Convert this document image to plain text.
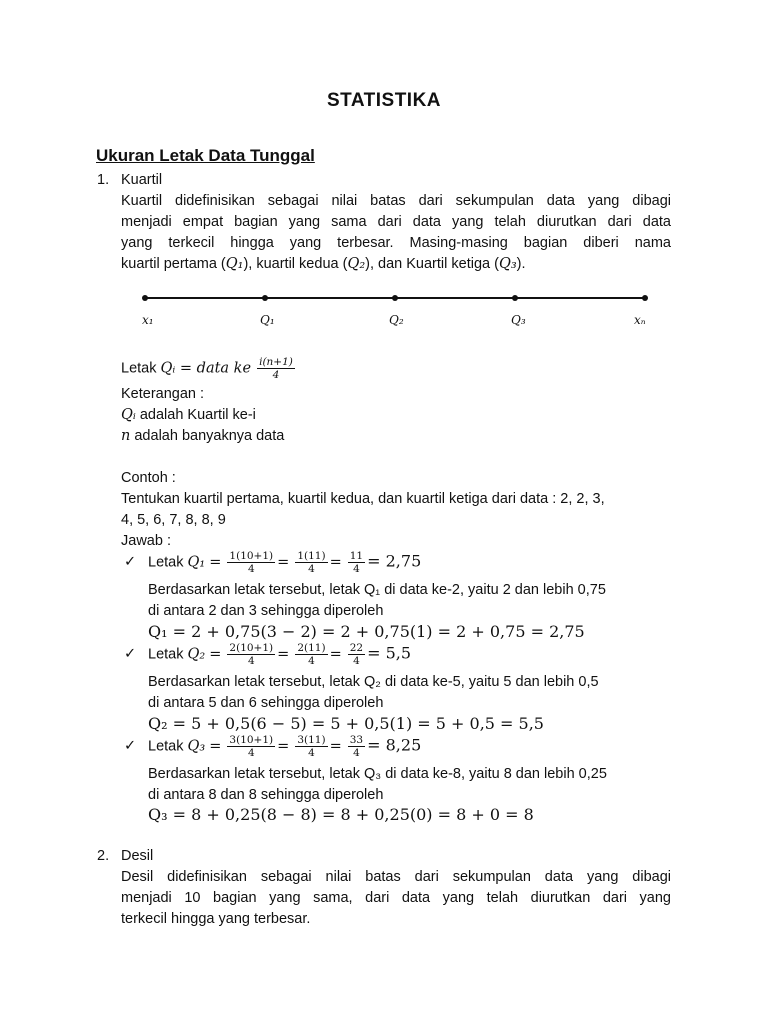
STATISTIKA
Ukuran Letak Data Tunggal
1. Kuartil
Kuartil didefinisikan sebagai nilai batas dari sekumpulan data yang dibagi
menjadi empat bagian yang sama dari data yang telah diurutkan dari data
yang terkecil hingga yang terbesar. Masing-masing bagian diberi nama
kuartil pertama (Q₁), kuartil kedua (Q₂), dan Kuartil ketiga (Q₃).
x₁	Q₁	Q₂	Q₃	xₙ
Letak Qᵢ = data ke $\frac{i(n+1)}{4}$
Keterangan :
Qᵢ adalah Kuartil ke-i
n adalah banyaknya data
Contoh :
Tentukan kuartil pertama, kuartil kedua, dan kuartil ketiga dari data : 2, 2, 3,
4, 5, 6, 7, 8, 8, 9
Jawab :
✓ Letak $Q_1 = \frac{1(10+1)}{4} = \frac{1(11)}{4} = \frac{11}{4} = 2,75$
Berdasarkan letak tersebut, letak Q₁ di data ke-2, yaitu 2 dan lebih 0,75
di antara 2 dan 3 sehingga diperoleh
Q₁ = 2 + 0,75(3 − 2) = 2 + 0,75(1) = 2 + 0,75 = 2,75
✓ Letak $Q_2 = \frac{2(10+1)}{4} = \frac{2(11)}{4} = \frac{22}{4} = 5,5$
Berdasarkan letak tersebut, letak Q₂ di data ke-5, yaitu 5 dan lebih 0,5
di antara 5 dan 6 sehingga diperoleh
Q₂ = 5 + 0,5(6 − 5) = 5 + 0,5(1) = 5 + 0,5 = 5,5
✓ Letak $Q_3 = \frac{3(10+1)}{4} = \frac{3(11)}{4} = \frac{33}{4} = 8,25$
Berdasarkan letak tersebut, letak Q₃ di data ke-8, yaitu 8 dan lebih 0,25
di antara 8 dan 8 sehingga diperoleh
Q₃ = 8 + 0,25(8 − 8) = 8 + 0,25(0) = 8 + 0 = 8
2. Desil
Desil didefinisikan sebagai nilai batas dari sekumpulan data yang dibagi
menjadi 10 bagian yang sama, dari data yang telah diurutkan dari yang
terkecil hingga yang terbesar.
